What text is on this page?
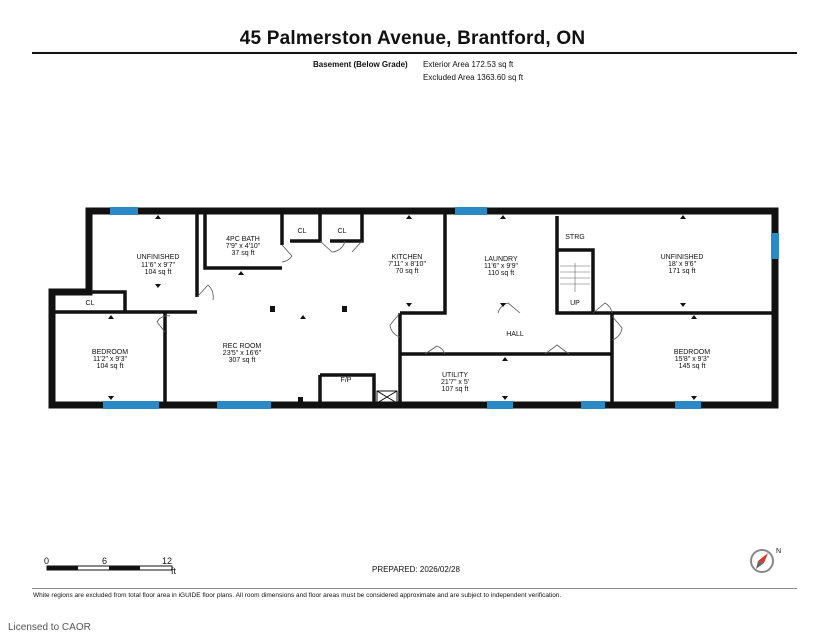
45 Palmerston Avenue, Brantford, ON
Basement (Below Grade) Exterior Area 172.53 sq ft
Excluded Area 1363.60 sq ft
UNFINISHED
11'6" x 9'7"
104 sq ft
4PC BATH
7'9" x 4'10"
37 sq ft
KITCHEN
7'11" x 8'10"
70 sq ft
LAUNDRY
11'6" x 9'9"
110 sq ft
UNFINISHED
18' x 9'6"
171 sq ft
BEDROOM
11'2" x 9'3"
104 sq ft
REC ROOM
23'5" x 16'6"
307 sq ft
UTILITY
21'7" x 5'
107 sq ft
BEDROOM
15'8" x 9'3"
145 sq ft
CL
CL	CL
STRG
UP
HALL
F/P
N
0	6	12
ft	PREPARED: 2026/02/28
White regions are excluded from total floor area in iGUIDE floor plans. All room dimensions and floor areas must be considered approximate and are subject to independent verification.
Licensed to CAOR
